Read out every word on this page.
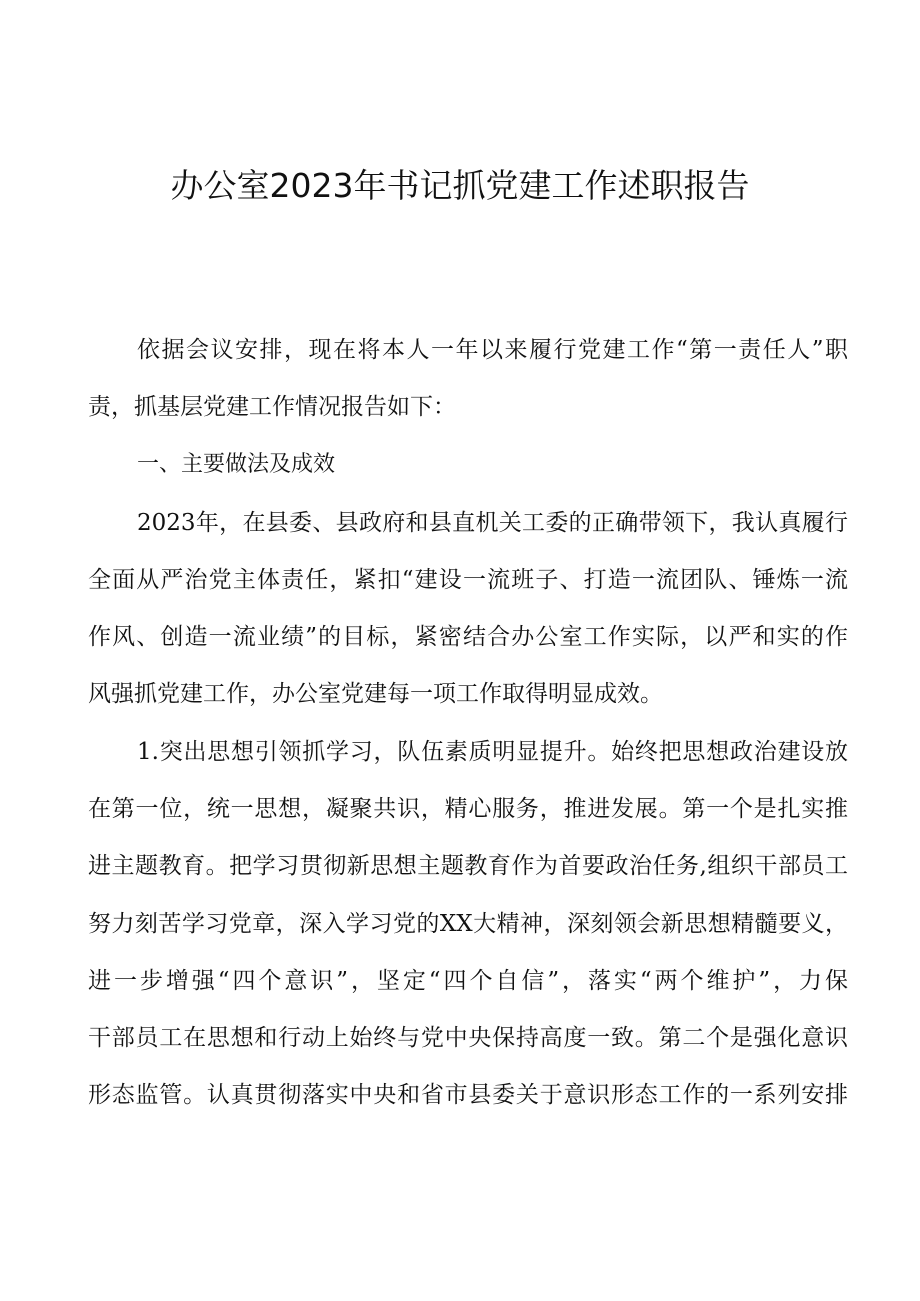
办公室2023年书记抓党建工作述职报告
依据会议安排，现在将本人一年以来履行党建工作“第一责任人”职
责，抓基层党建工作情况报告如下：
一、主要做法及成效
2023年，在县委、县政府和县直机关工委的正确带领下，我认真履行
全面从严治党主体责任，紧扣“建设一流班子、打造一流团队、锤炼一流
作风、创造一流业绩”的目标，紧密结合办公室工作实际，以严和实的作
风强抓党建工作，办公室党建每一项工作取得明显成效。
1.突出思想引领抓学习，队伍素质明显提升。始终把思想政治建设放
在第一位，统一思想，凝聚共识，精心服务，推进发展。第一个是扎实推
进主题教育。把学习贯彻新思想主题教育作为首要政治任务,组织干部员工
努力刻苦学习党章，深入学习党的XX大精神，深刻领会新思想精髓要义，
进一步增强“四个意识”，坚定“四个自信”，落实“两个维护”，力保
干部员工在思想和行动上始终与党中央保持高度一致。第二个是强化意识
形态监管。认真贯彻落实中央和省市县委关于意识形态工作的一系列安排
